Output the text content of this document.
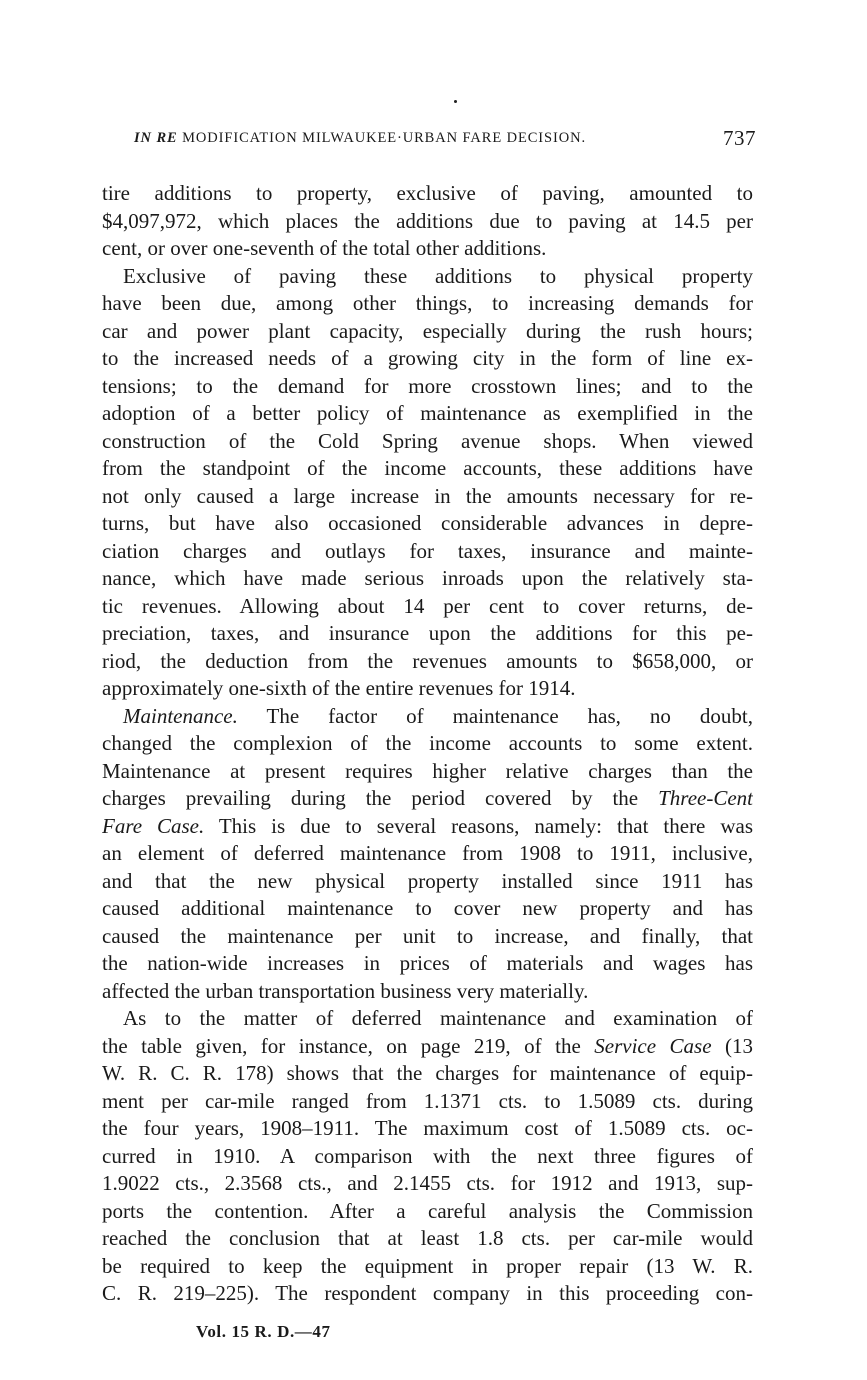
IN RE MODIFICATION MILWAUKEE·URBAN FARE DECISION.	737
tire additions to property, exclusive of paving, amounted to
$4,097,972, which places the additions due to paving at 14.5 per
cent, or over one-seventh of the total other additions.
Exclusive of paving these additions to physical property
have been due, among other things, to increasing demands for
car and power plant capacity, especially during the rush hours;
to the increased needs of a growing city in the form of line ex-
tensions; to the demand for more crosstown lines; and to the
adoption of a better policy of maintenance as exemplified in the
construction of the Cold Spring avenue shops. When viewed
from the standpoint of the income accounts, these additions have
not only caused a large increase in the amounts necessary for re-
turns, but have also occasioned considerable advances in depre-
ciation charges and outlays for taxes, insurance and mainte-
nance, which have made serious inroads upon the relatively sta-
tic revenues. Allowing about 14 per cent to cover returns, de-
preciation, taxes, and insurance upon the additions for this pe-
riod, the deduction from the revenues amounts to $658,000, or
approximately one-sixth of the entire revenues for 1914.
Maintenance. The factor of maintenance has, no doubt,
changed the complexion of the income accounts to some extent.
Maintenance at present requires higher relative charges than the
charges prevailing during the period covered by the Three-Cent
Fare Case. This is due to several reasons, namely: that there was
an element of deferred maintenance from 1908 to 1911, inclusive,
and that the new physical property installed since 1911 has
caused additional maintenance to cover new property and has
caused the maintenance per unit to increase, and finally, that
the nation-wide increases in prices of materials and wages has
affected the urban transportation business very materially.
As to the matter of deferred maintenance and examination of
the table given, for instance, on page 219, of the Service Case (13
W. R. C. R. 178) shows that the charges for maintenance of equip-
ment per car-mile ranged from 1.1371 cts. to 1.5089 cts. during
the four years, 1908–1911. The maximum cost of 1.5089 cts. oc-
curred in 1910. A comparison with the next three figures of
1.9022 cts., 2.3568 cts., and 2.1455 cts. for 1912 and 1913, sup-
ports the contention. After a careful analysis the Commission
reached the conclusion that at least 1.8 cts. per car-mile would
be required to keep the equipment in proper repair (13 W. R.
C. R. 219–225). The respondent company in this proceeding con-
Vol. 15 R. D.—47
